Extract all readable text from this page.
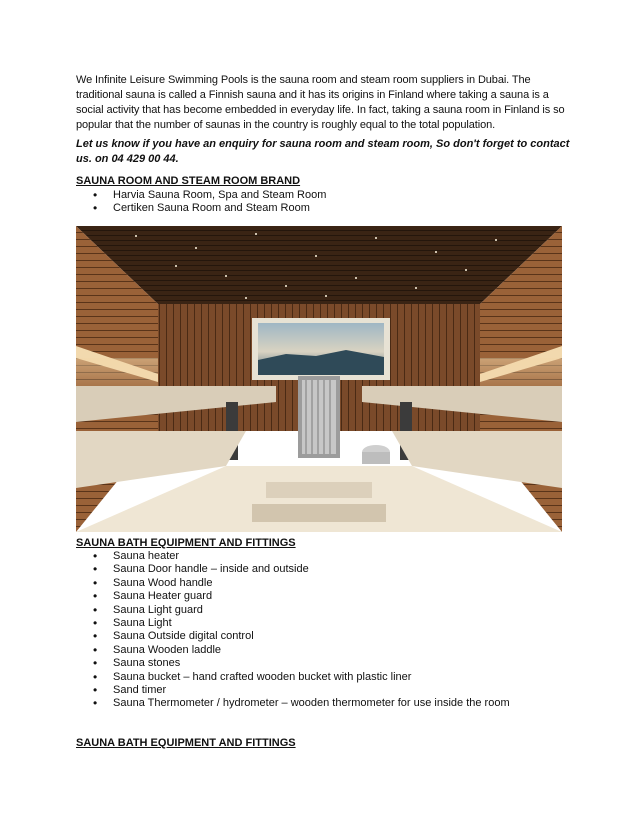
We Infinite Leisure Swimming Pools is the sauna room and steam room suppliers in Dubai. The traditional sauna is called a Finnish sauna and it has its origins in Finland where taking a sauna is a social activity that has become embedded in everyday life. In fact, taking a sauna room in Finland is so popular that the number of saunas in the country is roughly equal to the total population.

Let us know if you have an enquiry for sauna room and steam room, So don't forget to contact us. on 04 429 00 44.

SAUNA ROOM AND STEAM ROOM BRAND

• Harvia Sauna Room, Spa and Steam Room
• Certiken Sauna Room and Steam Room

SAUNA BATH EQUIPMENT AND FITTINGS

• Sauna heater
• Sauna Door handle – inside and outside
• Sauna Wood handle
• Sauna Heater guard
• Sauna Light guard
• Sauna Light
• Sauna Outside digital control
• Sauna Wooden laddle
• Sauna stones
• Sauna bucket – hand crafted wooden bucket with plastic liner
• Sand timer
• Sauna Thermometer / hydrometer – wooden thermometer for use inside the room

SAUNA BATH EQUIPMENT AND FITTINGS
